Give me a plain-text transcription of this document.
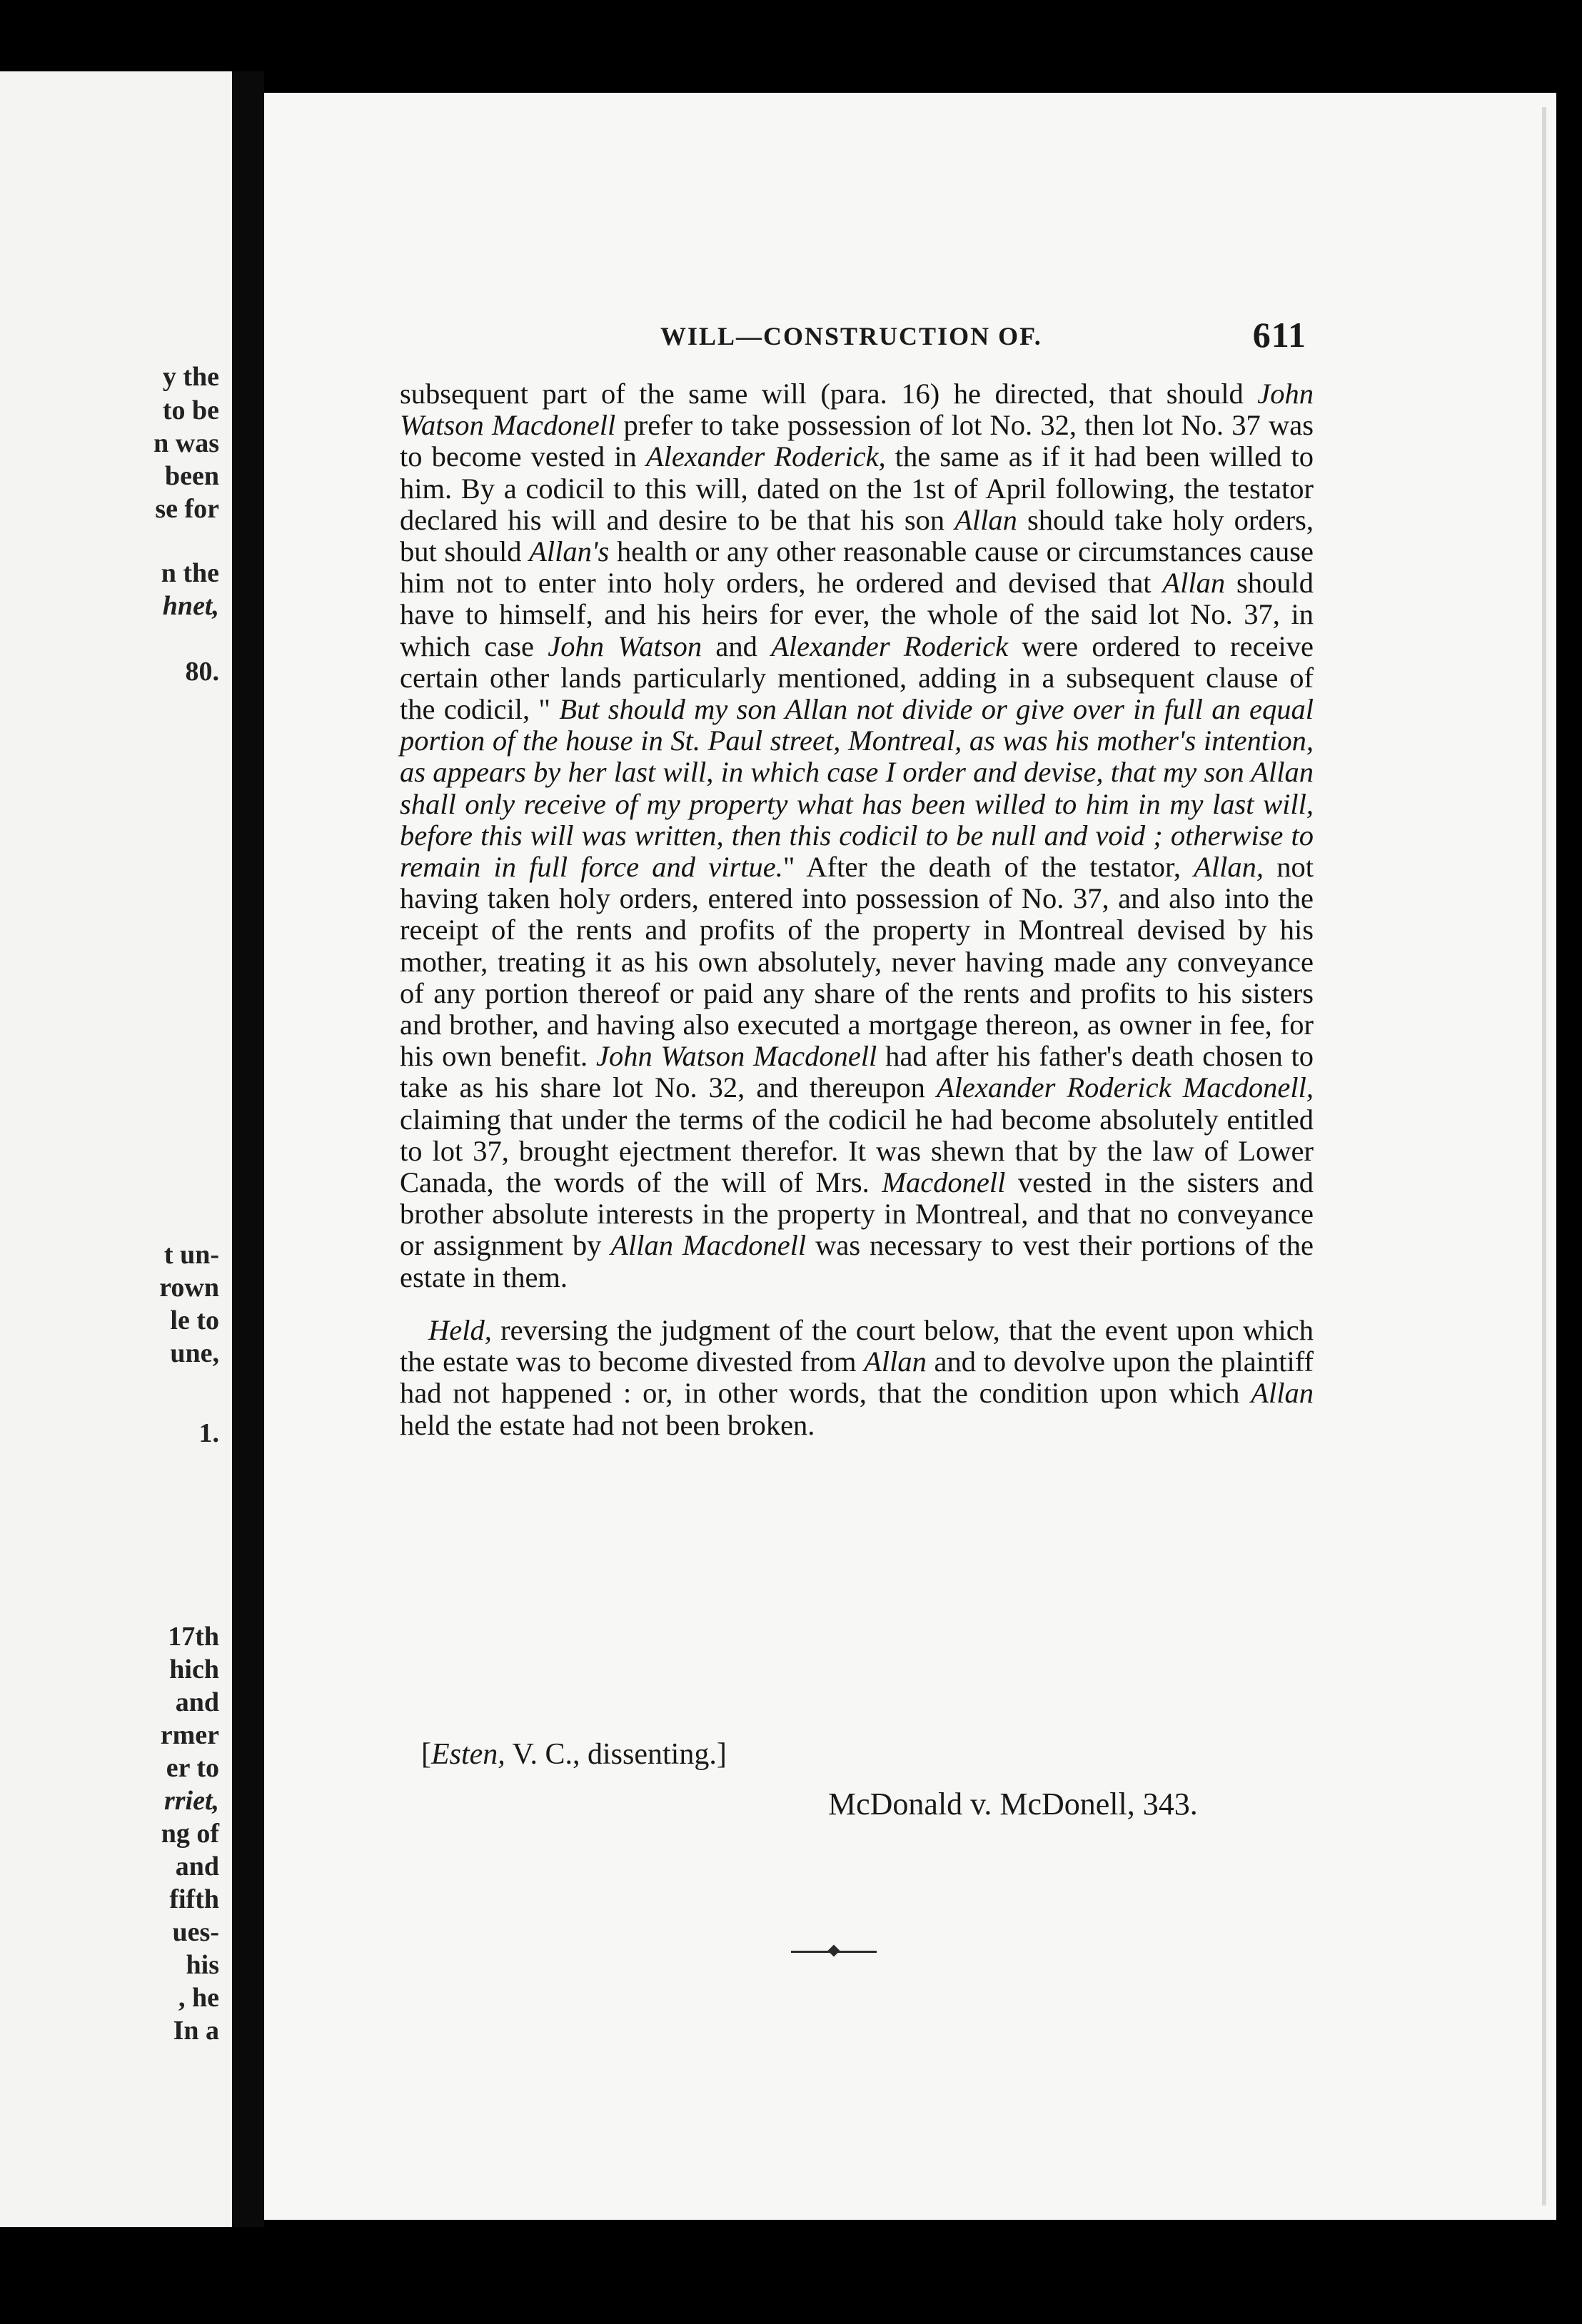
y the
to be
n was
been
se for
n the
hnet,
80.
t un-
rown
le to
une,
1.
17th
hich
and
rmer
er to
rriet,
ng of
and
fifth
ues-
his
, he
In a
WILL—CONSTRUCTION OF.	611

subsequent part of the same will (para. 16) he directed, that should John Watson Macdonell prefer to take possession of lot No. 32, then lot No. 37 was to become vested in Alexander Roderick, the same as if it had been willed to him. By a codicil to this will, dated on the 1st of April following, the testator declared his will and desire to be that his son Allan should take holy orders, but should Allan's health or any other reasonable cause or circumstances cause him not to enter into holy orders, he ordered and devised that Allan should have to himself, and his heirs for ever, the whole of the said lot No. 37, in which case John Watson and Alexander Roderick were ordered to receive certain other lands particularly mentioned, adding in a subsequent clause of the codicil, " But should my son Allan not divide or give over in full an equal portion of the house in St. Paul street, Montreal, as was his mother's intention, as appears by her last will, in which case I order and devise, that my son Allan shall only receive of my property what has been willed to him in my last will, before this will was written, then this codicil to be null and void ; otherwise to remain in full force and virtue." After the death of the testator, Allan, not having taken holy orders, entered into possession of No. 37, and also into the receipt of the rents and profits of the property in Montreal devised by his mother, treating it as his own absolutely, never having made any conveyance of any portion thereof or paid any share of the rents and profits to his sisters and brother, and having also executed a mortgage thereon, as owner in fee, for his own benefit. John Watson Macdonell had after his father's death chosen to take as his share lot No. 32, and thereupon Alexander Roderick Macdonell, claiming that under the terms of the codicil he had become absolutely entitled to lot 37, brought ejectment therefor. It was shewn that by the law of Lower Canada, the words of the will of Mrs. Macdonell vested in the sisters and brother absolute interests in the property in Montreal, and that no conveyance or assignment by Allan Macdonell was necessary to vest their portions of the estate in them.

Held, reversing the judgment of the court below, that the event upon which the estate was to become divested from Allan and to devolve upon the plaintiff had not happened : or, in other words, that the condition upon which Allan held the estate had not been broken.

[Esten, V. C., dissenting.]
McDonald v. McDonell, 343.
